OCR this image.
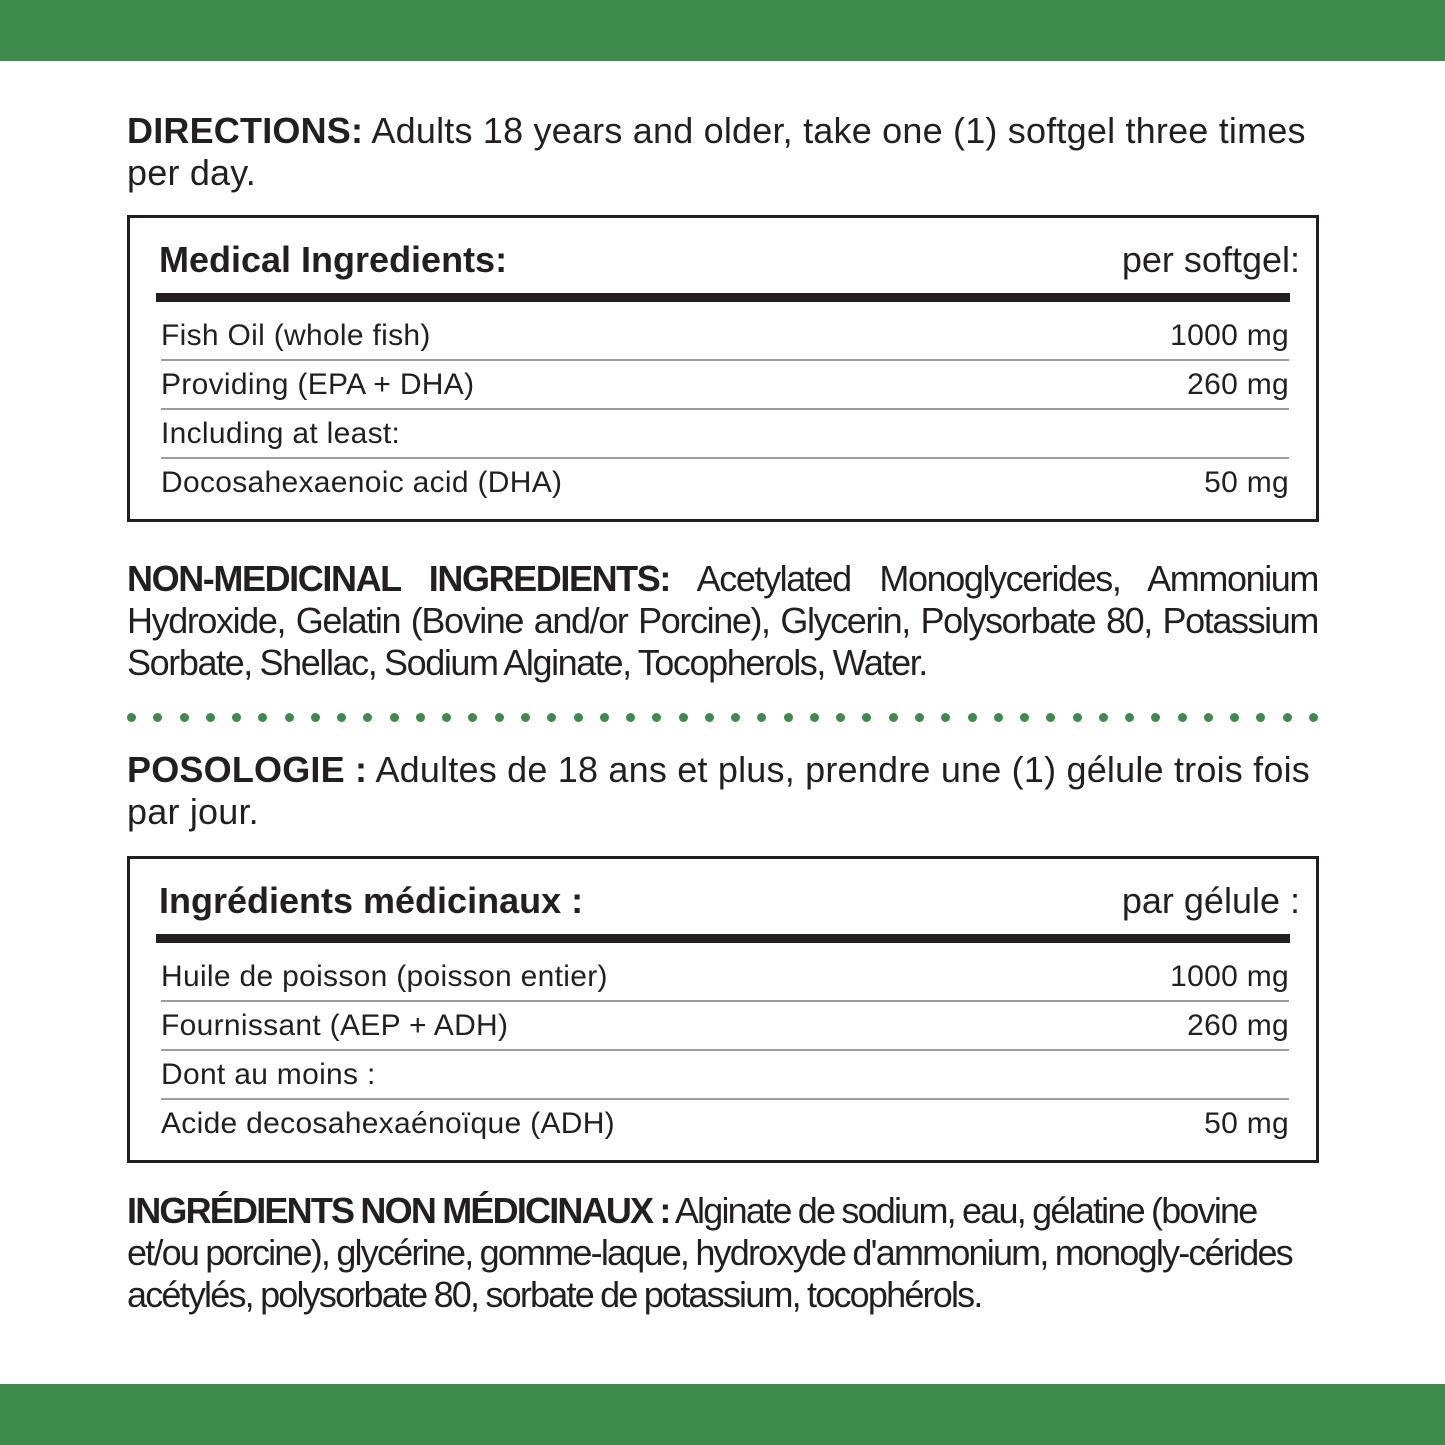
DIRECTIONS: Adults 18 years and older, take one (1) softgel three times per day.

Medical Ingredients:	per softgel:
Fish Oil (whole fish)	1000 mg
Providing (EPA + DHA)	260 mg
Including at least:
Docosahexaenoic acid (DHA)	50 mg

NON-MEDICINAL INGREDIENTS: Acetylated Monoglycerides, Ammonium Hydroxide, Gelatin (Bovine and/or Porcine), Glycerin, Polysorbate 80, Potassium Sorbate, Shellac, Sodium Alginate, Tocopherols, Water.

POSOLOGIE : Adultes de 18 ans et plus, prendre une (1) gélule trois fois par jour.

Ingrédients médicinaux :	par gélule :
Huile de poisson (poisson entier)	1000 mg
Fournissant (AEP + ADH)	260 mg
Dont au moins :
Acide decosahexaénoïque (ADH)	50 mg

INGRÉDIENTS NON MÉDICINAUX : Alginate de sodium, eau, gélatine (bovine et/ou porcine), glycérine, gomme-laque, hydroxyde d'ammonium, monogly-cérides acétylés, polysorbate 80, sorbate de potassium, tocophérols.
